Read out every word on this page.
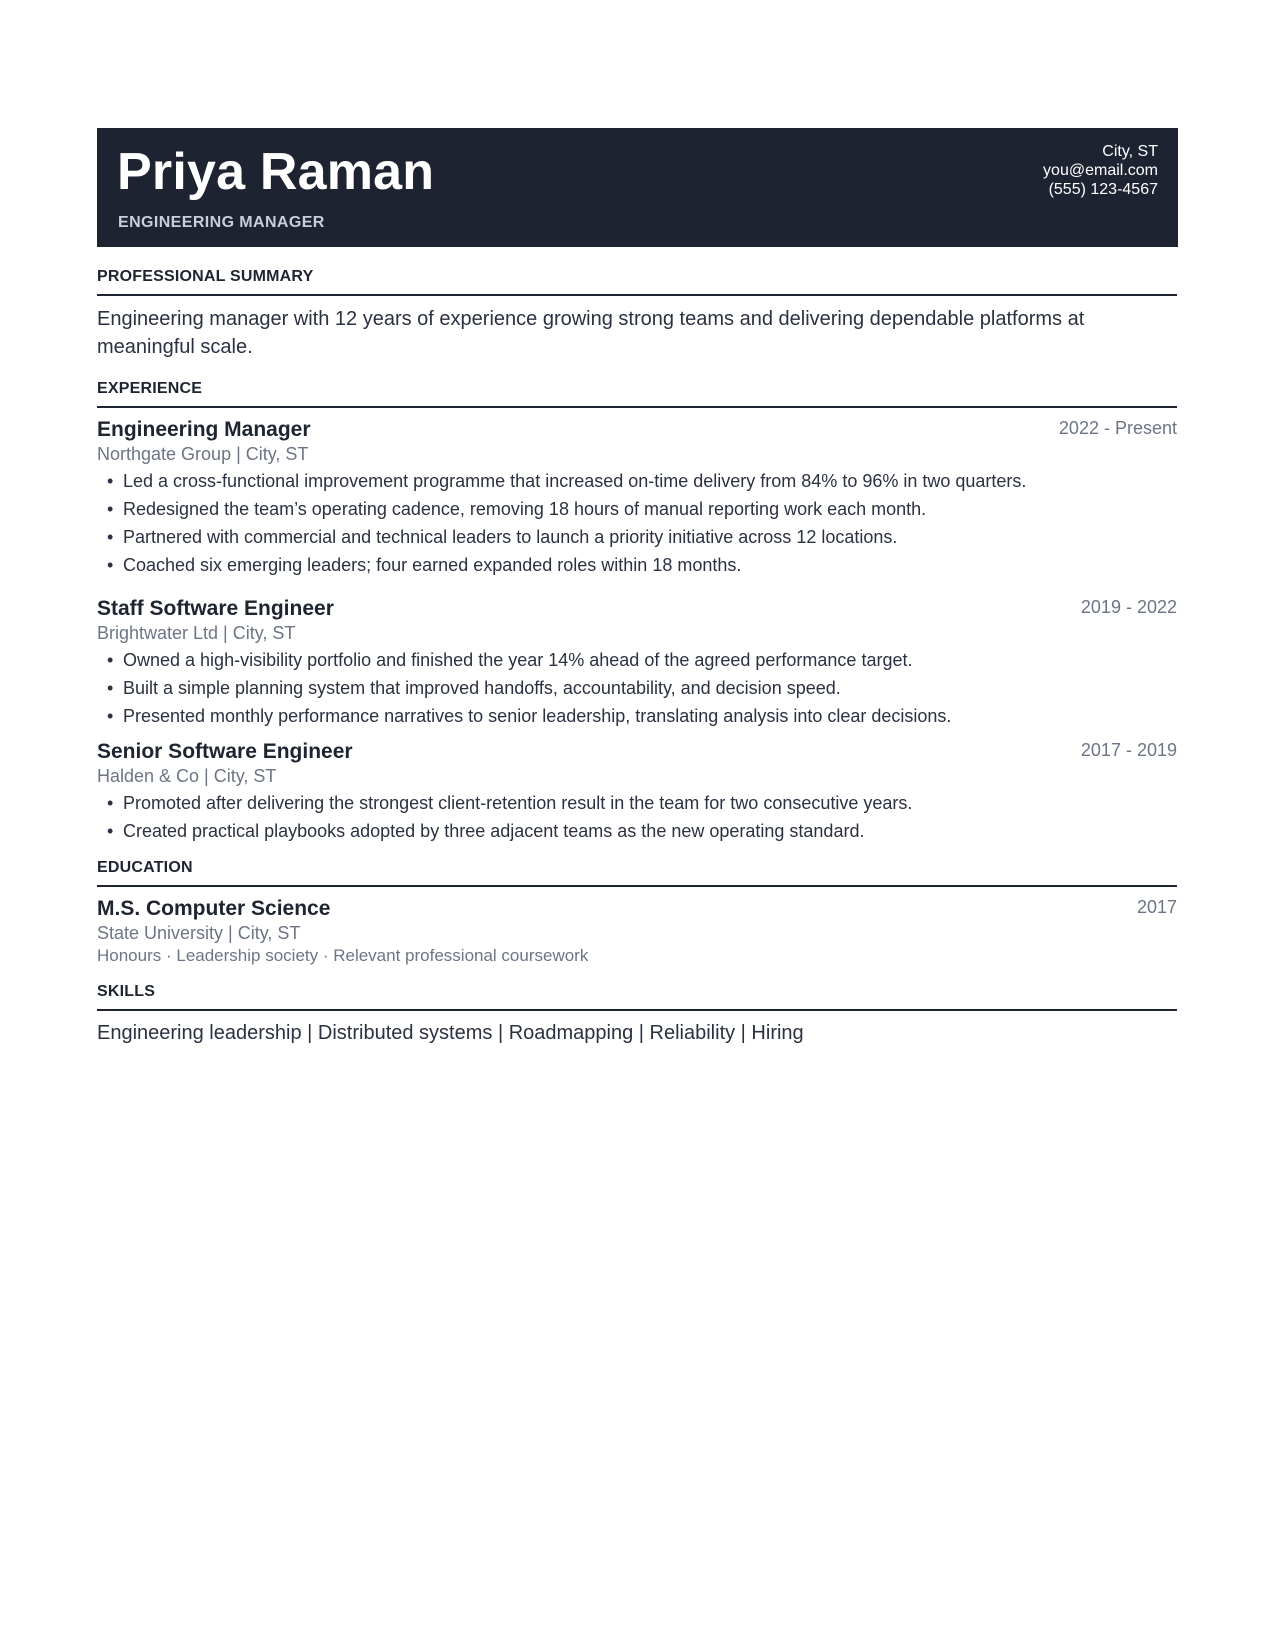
Priya Raman
ENGINEERING MANAGER
City, ST
you@email.com
(555) 123-4567
PROFESSIONAL SUMMARY

Engineering manager with 12 years of experience growing strong teams and delivering dependable platforms at meaningful scale.

EXPERIENCE
Engineering Manager	2022 - Present
Northgate Group | City, ST
• Led a cross-functional improvement programme that increased on-time delivery from 84% to 96% in two quarters.
• Redesigned the team’s operating cadence, removing 18 hours of manual reporting work each month.
• Partnered with commercial and technical leaders to launch a priority initiative across 12 locations.
• Coached six emerging leaders; four earned expanded roles within 18 months.
Staff Software Engineer	2019 - 2022
Brightwater Ltd | City, ST
• Owned a high-visibility portfolio and finished the year 14% ahead of the agreed performance target.
• Built a simple planning system that improved handoffs, accountability, and decision speed.
• Presented monthly performance narratives to senior leadership, translating analysis into clear decisions.
Senior Software Engineer	2017 - 2019
Halden & Co | City, ST
• Promoted after delivering the strongest client-retention result in the team for two consecutive years.
• Created practical playbooks adopted by three adjacent teams as the new operating standard.
EDUCATION
M.S. Computer Science	2017
State University | City, ST
Honours · Leadership society · Relevant professional coursework
SKILLS
Engineering leadership | Distributed systems | Roadmapping | Reliability | Hiring
